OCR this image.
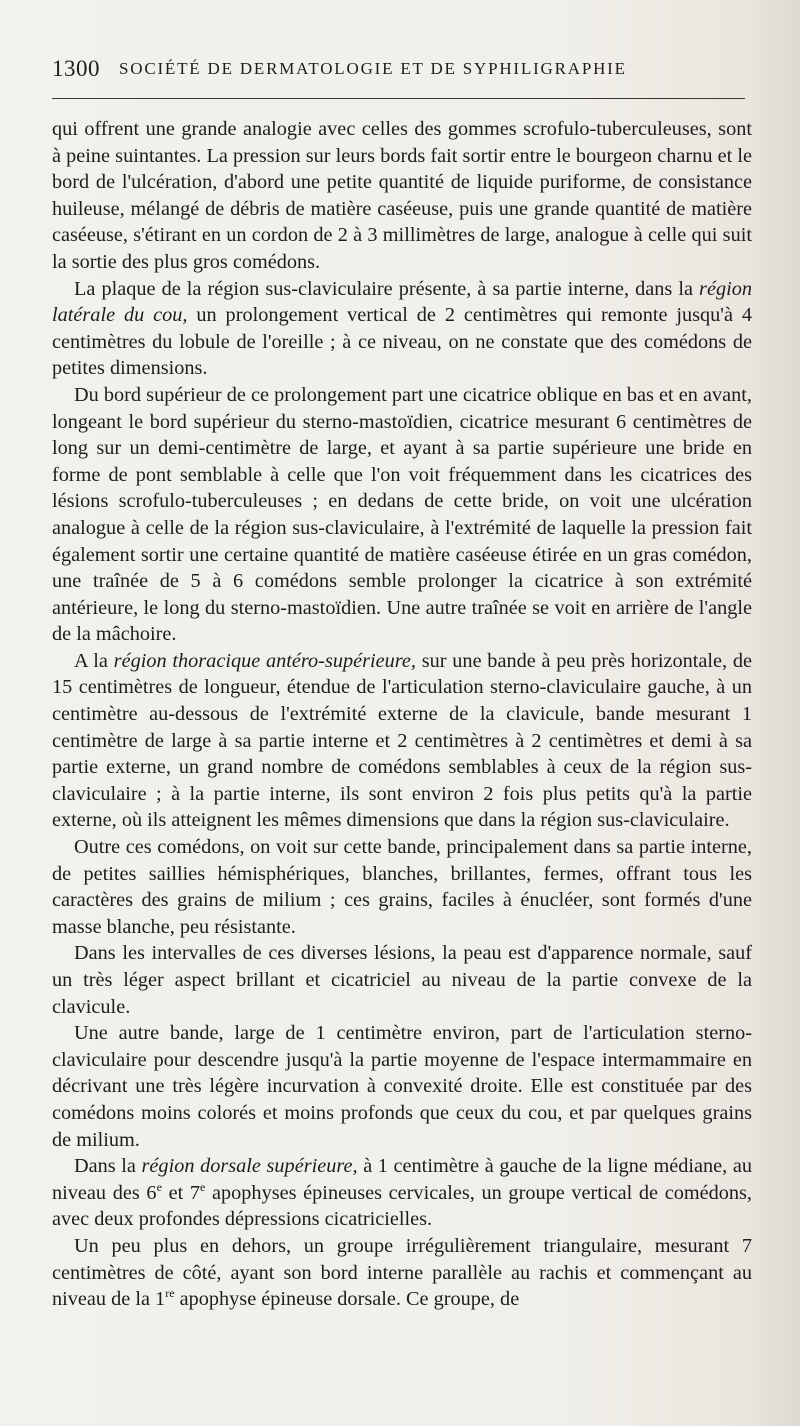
1300 SOCIÉTÉ DE DERMATOLOGIE ET DE SYPHILIGRAPHIE

qui offrent une grande analogie avec celles des gommes scrofulo-tuberculeuses, sont à peine suintantes. La pression sur leurs bords fait sortir entre le bourgeon charnu et le bord de l'ulcération, d'abord une petite quantité de liquide puriforme, de consistance huileuse, mélangé de débris de matière caséeuse, puis une grande quantité de matière caséeuse, s'étirant en un cordon de 2 à 3 millimètres de large, analogue à celle qui suit la sortie des plus gros comédons.

La plaque de la région sus-claviculaire présente, à sa partie interne, dans la région latérale du cou, un prolongement vertical de 2 centimètres qui remonte jusqu'à 4 centimètres du lobule de l'oreille ; à ce niveau, on ne constate que des comédons de petites dimensions.

Du bord supérieur de ce prolongement part une cicatrice oblique en bas et en avant, longeant le bord supérieur du sterno-mastoïdien, cicatrice mesurant 6 centimètres de long sur un demi-centimètre de large, et ayant à sa partie supérieure une bride en forme de pont semblable à celle que l'on voit fréquemment dans les cicatrices des lésions scrofulo-tuberculeuses ; en dedans de cette bride, on voit une ulcération analogue à celle de la région sus-claviculaire, à l'extrémité de laquelle la pression fait également sortir une certaine quantité de matière caséeuse étirée en un gras comédon, une traînée de 5 à 6 comédons semble prolonger la cicatrice à son extrémité antérieure, le long du sterno-mastoïdien. Une autre traînée se voit en arrière de l'angle de la mâchoire.

A la région thoracique antéro-supérieure, sur une bande à peu près horizontale, de 15 centimètres de longueur, étendue de l'articulation sterno-claviculaire gauche, à un centimètre au-dessous de l'extrémité externe de la clavicule, bande mesurant 1 centimètre de large à sa partie interne et 2 centimètres à 2 centimètres et demi à sa partie externe, un grand nombre de comédons semblables à ceux de la région sus-claviculaire ; à la partie interne, ils sont environ 2 fois plus petits qu'à la partie externe, où ils atteignent les mêmes dimensions que dans la région sus-claviculaire.

Outre ces comédons, on voit sur cette bande, principalement dans sa partie interne, de petites saillies hémisphériques, blanches, brillantes, fermes, offrant tous les caractères des grains de milium ; ces grains, faciles à énucléer, sont formés d'une masse blanche, peu résistante.

Dans les intervalles de ces diverses lésions, la peau est d'apparence normale, sauf un très léger aspect brillant et cicatriciel au niveau de la partie convexe de la clavicule.

Une autre bande, large de 1 centimètre environ, part de l'articulation sterno-claviculaire pour descendre jusqu'à la partie moyenne de l'espace intermammaire en décrivant une très légère incurvation à convexité droite. Elle est constituée par des comédons moins colorés et moins profonds que ceux du cou, et par quelques grains de milium.

Dans la région dorsale supérieure, à 1 centimètre à gauche de la ligne médiane, au niveau des 6e et 7e apophyses épineuses cervicales, un groupe vertical de comédons, avec deux profondes dépressions cicatricielles.

Un peu plus en dehors, un groupe irrégulièrement triangulaire, mesurant 7 centimètres de côté, ayant son bord interne parallèle au rachis et commençant au niveau de la 1re apophyse épineuse dorsale. Ce groupe, de
